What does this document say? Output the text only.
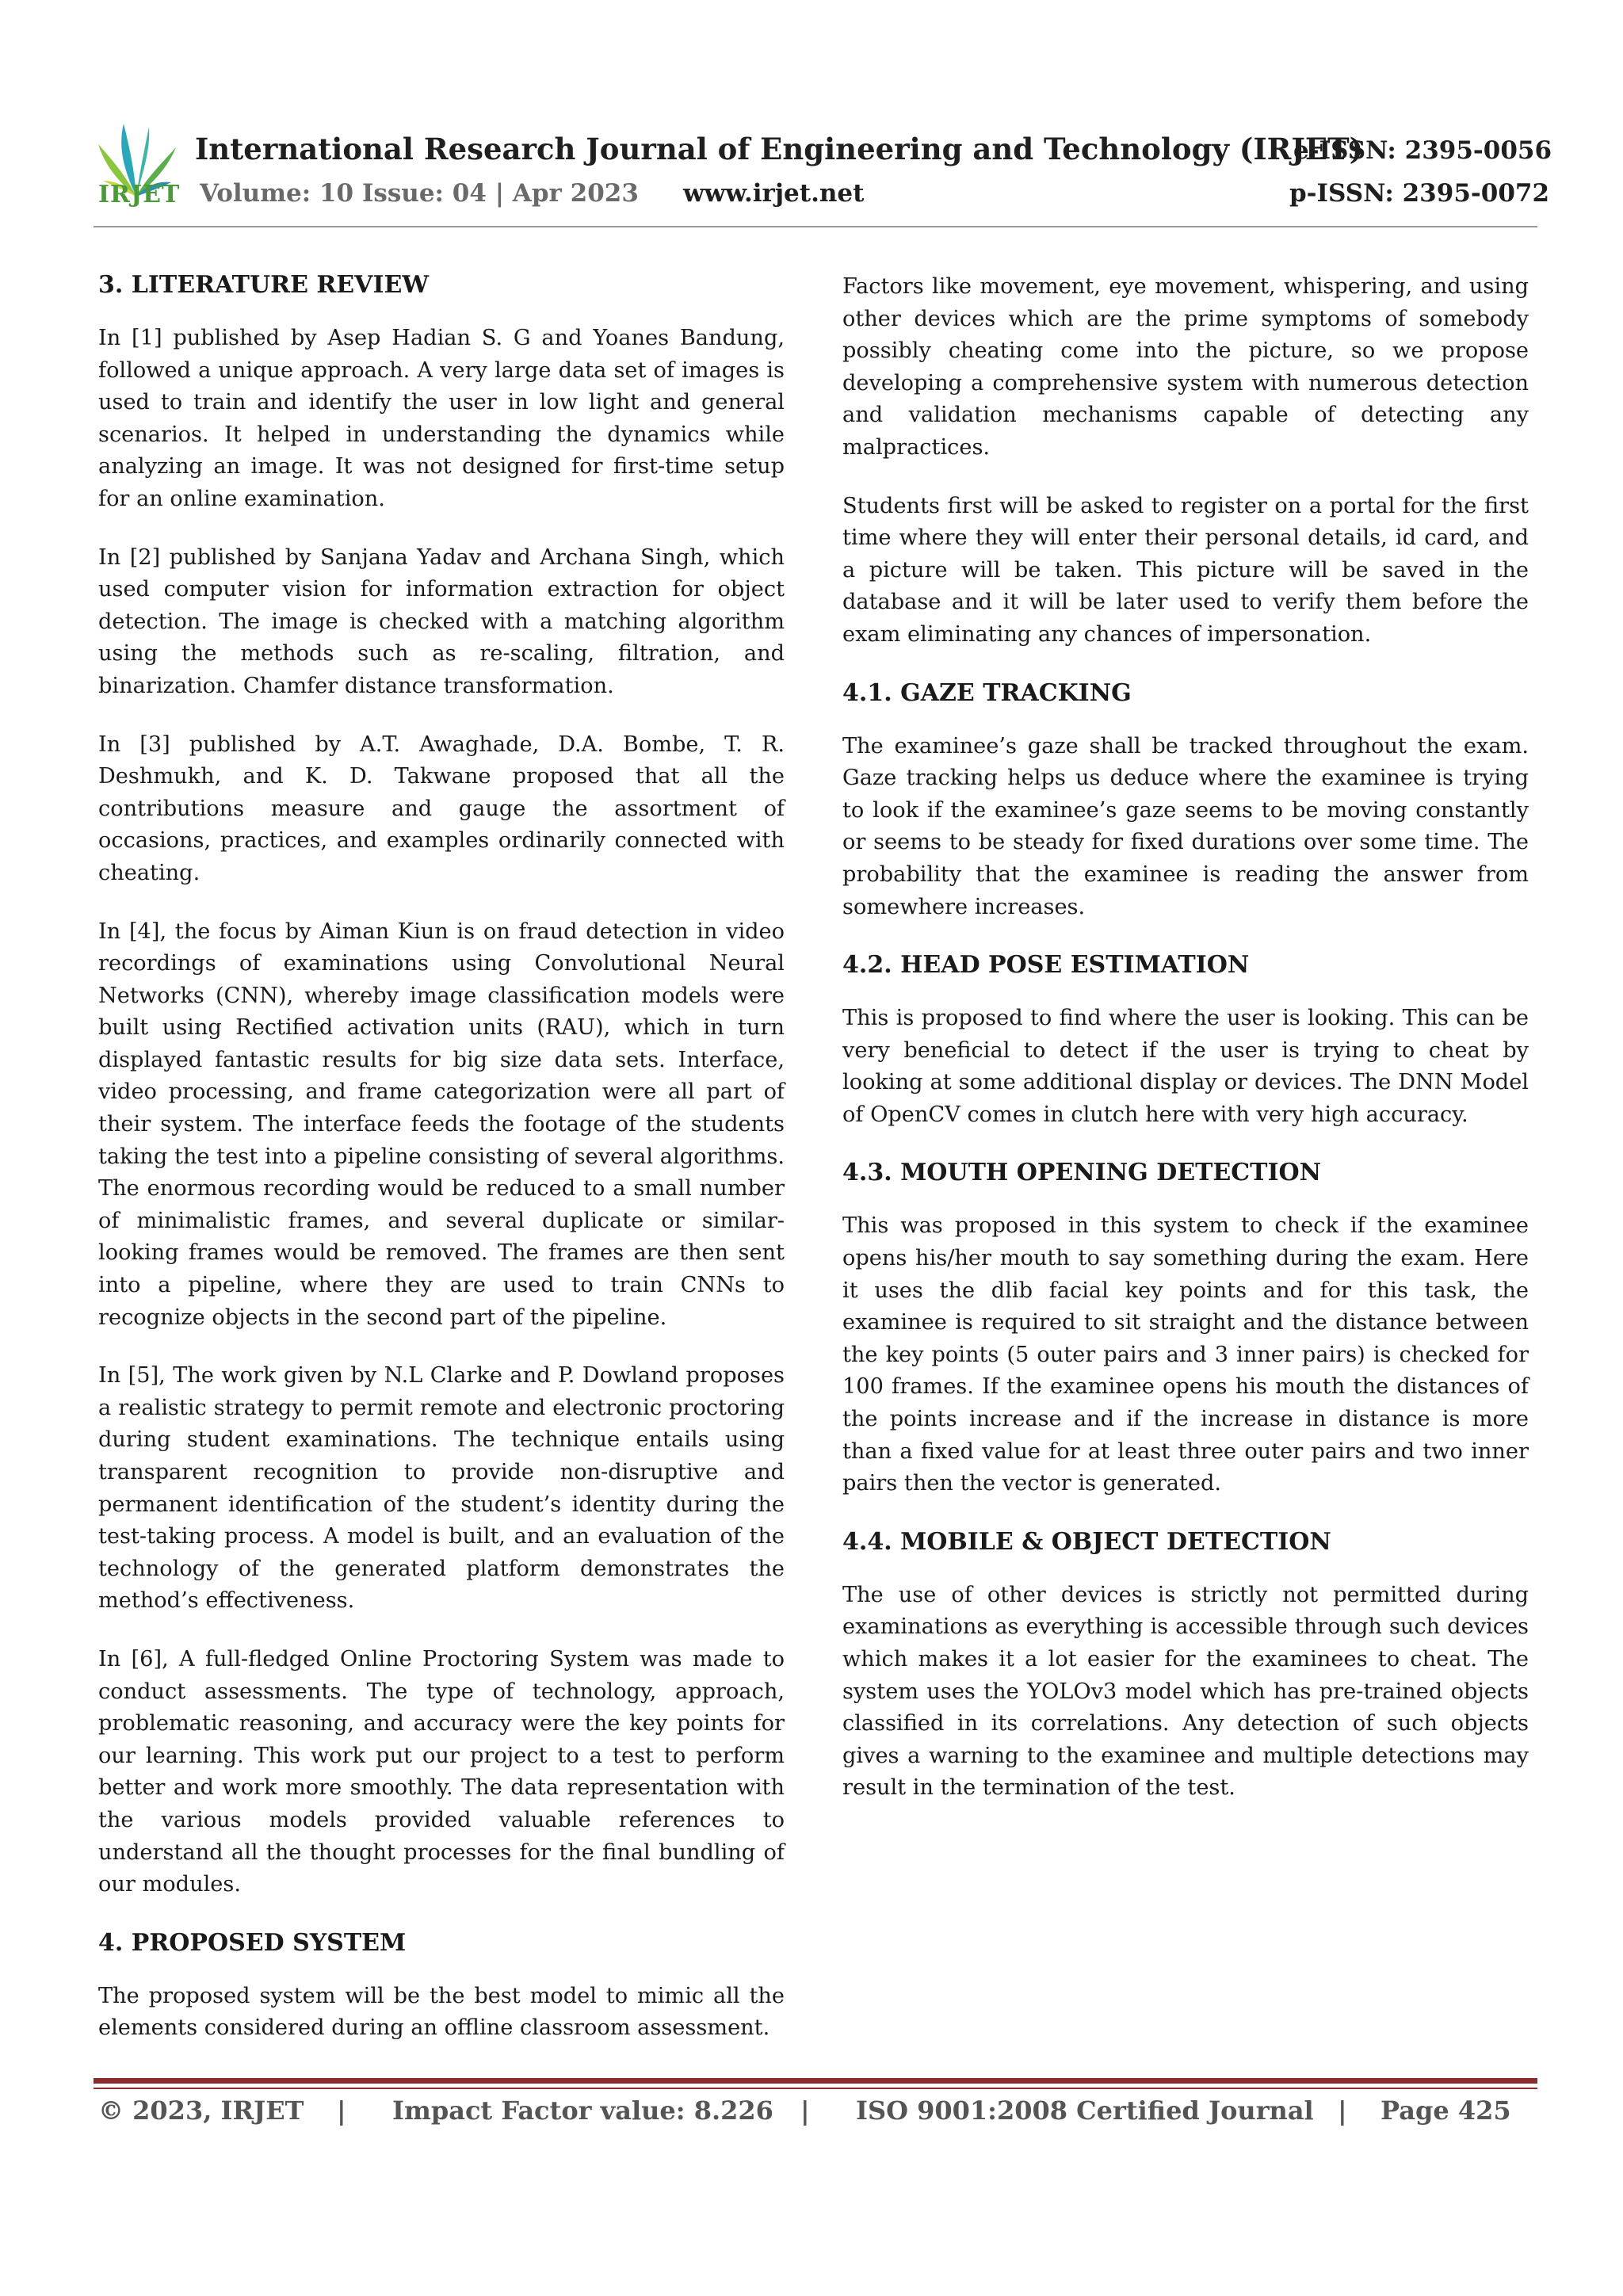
IRJET
International Research Journal of Engineering and Technology (IRJET)
Volume: 10 Issue: 04 | Apr 2023 www.irjet.net
e-ISSN: 2395-0056
p-ISSN: 2395-0072
3. LITERATURE REVIEW

In [1] published by Asep Hadian S. G and Yoanes Bandung, followed a unique approach. A very large data set of images is used to train and identify the user in low light and general scenarios. It helped in understanding the dynamics while analyzing an image. It was not designed for first-time setup for an online examination.

In [2] published by Sanjana Yadav and Archana Singh, which used computer vision for information extraction for object detection. The image is checked with a matching algorithm using the methods such as re-scaling, filtration, and binarization. Chamfer distance transformation.

In [3] published by A.T. Awaghade, D.A. Bombe, T. R. Deshmukh, and K. D. Takwane proposed that all the contributions measure and gauge the assortment of occasions, practices, and examples ordinarily connected with cheating.

In [4], the focus by Aiman Kiun is on fraud detection in video recordings of examinations using Convolutional Neural Networks (CNN), whereby image classification models were built using Rectified activation units (RAU), which in turn displayed fantastic results for big size data sets. Interface, video processing, and frame categorization were all part of their system. The interface feeds the footage of the students taking the test into a pipeline consisting of several algorithms. The enormous recording would be reduced to a small number of minimalistic frames, and several duplicate or similar-looking frames would be removed. The frames are then sent into a pipeline, where they are used to train CNNs to recognize objects in the second part of the pipeline.

In [5], The work given by N.L Clarke and P. Dowland proposes a realistic strategy to permit remote and electronic proctoring during student examinations. The technique entails using transparent recognition to provide non-disruptive and permanent identification of the student’s identity during the test-taking process. A model is built, and an evaluation of the technology of the generated platform demonstrates the method’s effectiveness.

In [6], A full-fledged Online Proctoring System was made to conduct assessments. The type of technology, approach, problematic reasoning, and accuracy were the key points for our learning. This work put our project to a test to perform better and work more smoothly. The data representation with the various models provided valuable references to understand all the thought processes for the final bundling of our modules.

4. PROPOSED SYSTEM

The proposed system will be the best model to mimic all the elements considered during an offline classroom assessment.

Factors like movement, eye movement, whispering, and using other devices which are the prime symptoms of somebody possibly cheating come into the picture, so we propose developing a comprehensive system with numerous detection and validation mechanisms capable of detecting any malpractices.

Students first will be asked to register on a portal for the first time where they will enter their personal details, id card, and a picture will be taken. This picture will be saved in the database and it will be later used to verify them before the exam eliminating any chances of impersonation.

4.1. GAZE TRACKING

The examinee’s gaze shall be tracked throughout the exam. Gaze tracking helps us deduce where the examinee is trying to look if the examinee’s gaze seems to be moving constantly or seems to be steady for fixed durations over some time. The probability that the examinee is reading the answer from somewhere increases.

4.2. HEAD POSE ESTIMATION

This is proposed to find where the user is looking. This can be very beneficial to detect if the user is trying to cheat by looking at some additional display or devices. The DNN Model of OpenCV comes in clutch here with very high accuracy.

4.3. MOUTH OPENING DETECTION

This was proposed in this system to check if the examinee opens his/her mouth to say something during the exam. Here it uses the dlib facial key points and for this task, the examinee is required to sit straight and the distance between the key points (5 outer pairs and 3 inner pairs) is checked for 100 frames. If the examinee opens his mouth the distances of the points increase and if the increase in distance is more than a fixed value for at least three outer pairs and two inner pairs then the vector is generated.

4.4. MOBILE & OBJECT DETECTION

The use of other devices is strictly not permitted during examinations as everything is accessible through such devices which makes it a lot easier for the examinees to cheat. The system uses the YOLOv3 model which has pre-trained objects classified in its correlations. Any detection of such objects gives a warning to the examinee and multiple detections may result in the termination of the test.

© 2023, IRJET | Impact Factor value: 8.226 | ISO 9001:2008 Certified Journal | Page 425
